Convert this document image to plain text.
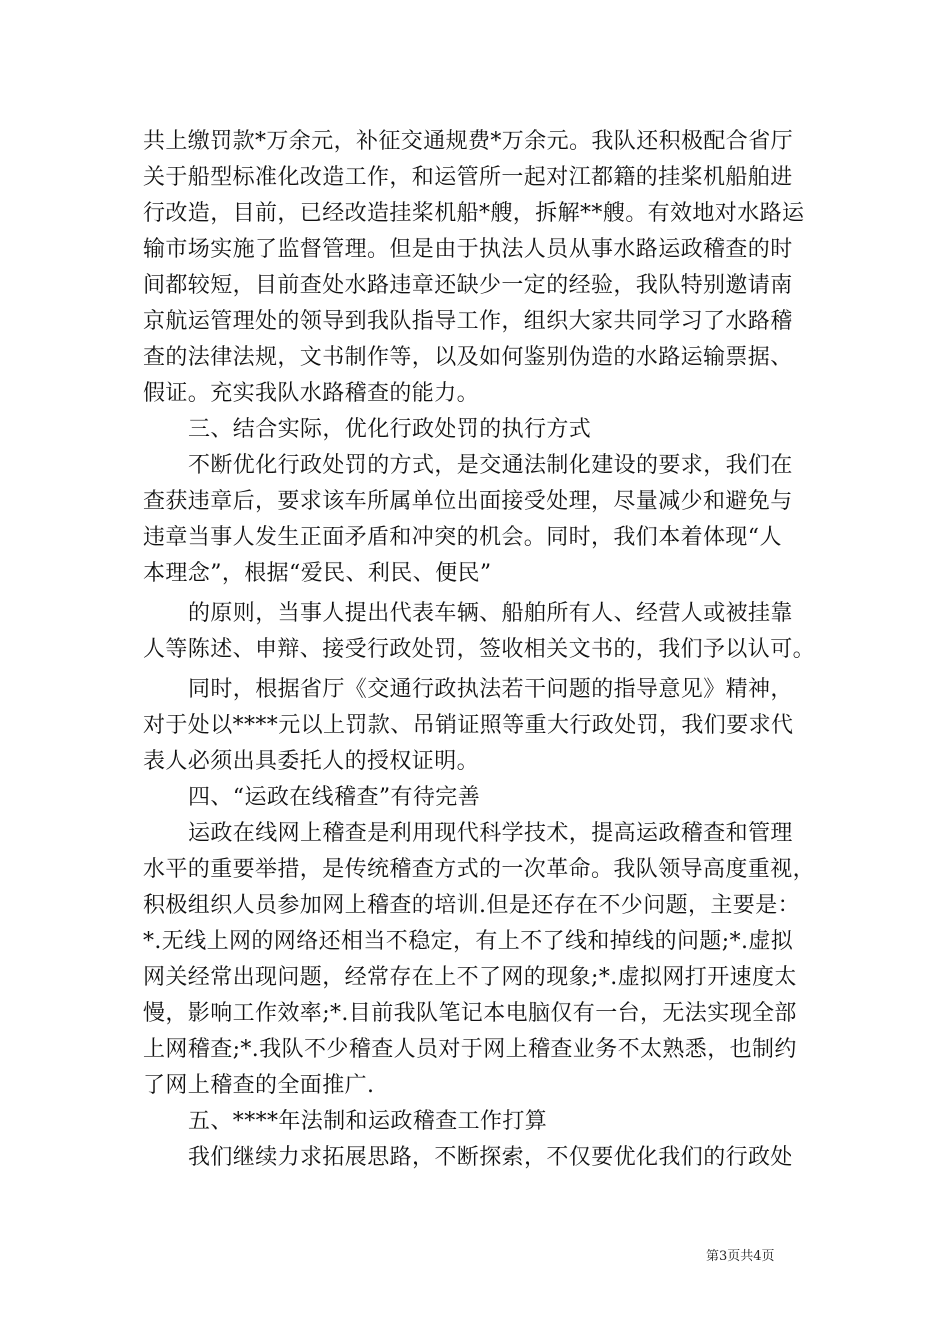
共上缴罚款*万余元，补征交通规费*万余元。我队还积极配合省厅
关于船型标准化改造工作，和运管所一起对江都籍的挂桨机船舶进
行改造，目前，已经改造挂桨机船*艘，拆解**艘。有效地对水路运
输市场实施了监督管理。但是由于执法人员从事水路运政稽查的时
间都较短，目前查处水路违章还缺少一定的经验，我队特别邀请南
京航运管理处的领导到我队指导工作，组织大家共同学习了水路稽
查的法律法规，文书制作等，以及如何鉴别伪造的水路运输票据、
假证。充实我队水路稽查的能力。
三、结合实际，优化行政处罚的执行方式
不断优化行政处罚的方式，是交通法制化建设的要求，我们在
查获违章后，要求该车所属单位出面接受处理，尽量减少和避免与
违章当事人发生正面矛盾和冲突的机会。同时，我们本着体现“人
本理念”，根据“爱民、利民、便民”
的原则，当事人提出代表车辆、船舶所有人、经营人或被挂靠
人等陈述、申辩、接受行政处罚，签收相关文书的，我们予以认可。
同时，根据省厅《交通行政执法若干问题的指导意见》精神，
对于处以****元以上罚款、吊销证照等重大行政处罚，我们要求代
表人必须出具委托人的授权证明。
四、“运政在线稽查”有待完善
运政在线网上稽查是利用现代科学技术，提高运政稽查和管理
水平的重要举措，是传统稽查方式的一次革命。我队领导高度重视，
积极组织人员参加网上稽查的培训.但是还存在不少问题，主要是：
*.无线上网的网络还相当不稳定，有上不了线和掉线的问题;*.虚拟
网关经常出现问题，经常存在上不了网的现象;*.虚拟网打开速度太
慢，影响工作效率;*.目前我队笔记本电脑仅有一台，无法实现全部
上网稽查;*.我队不少稽查人员对于网上稽查业务不太熟悉，也制约
了网上稽查的全面推广.
五、****年法制和运政稽查工作打算
我们继续力求拓展思路，不断探索，不仅要优化我们的行政处
第3页共4页
